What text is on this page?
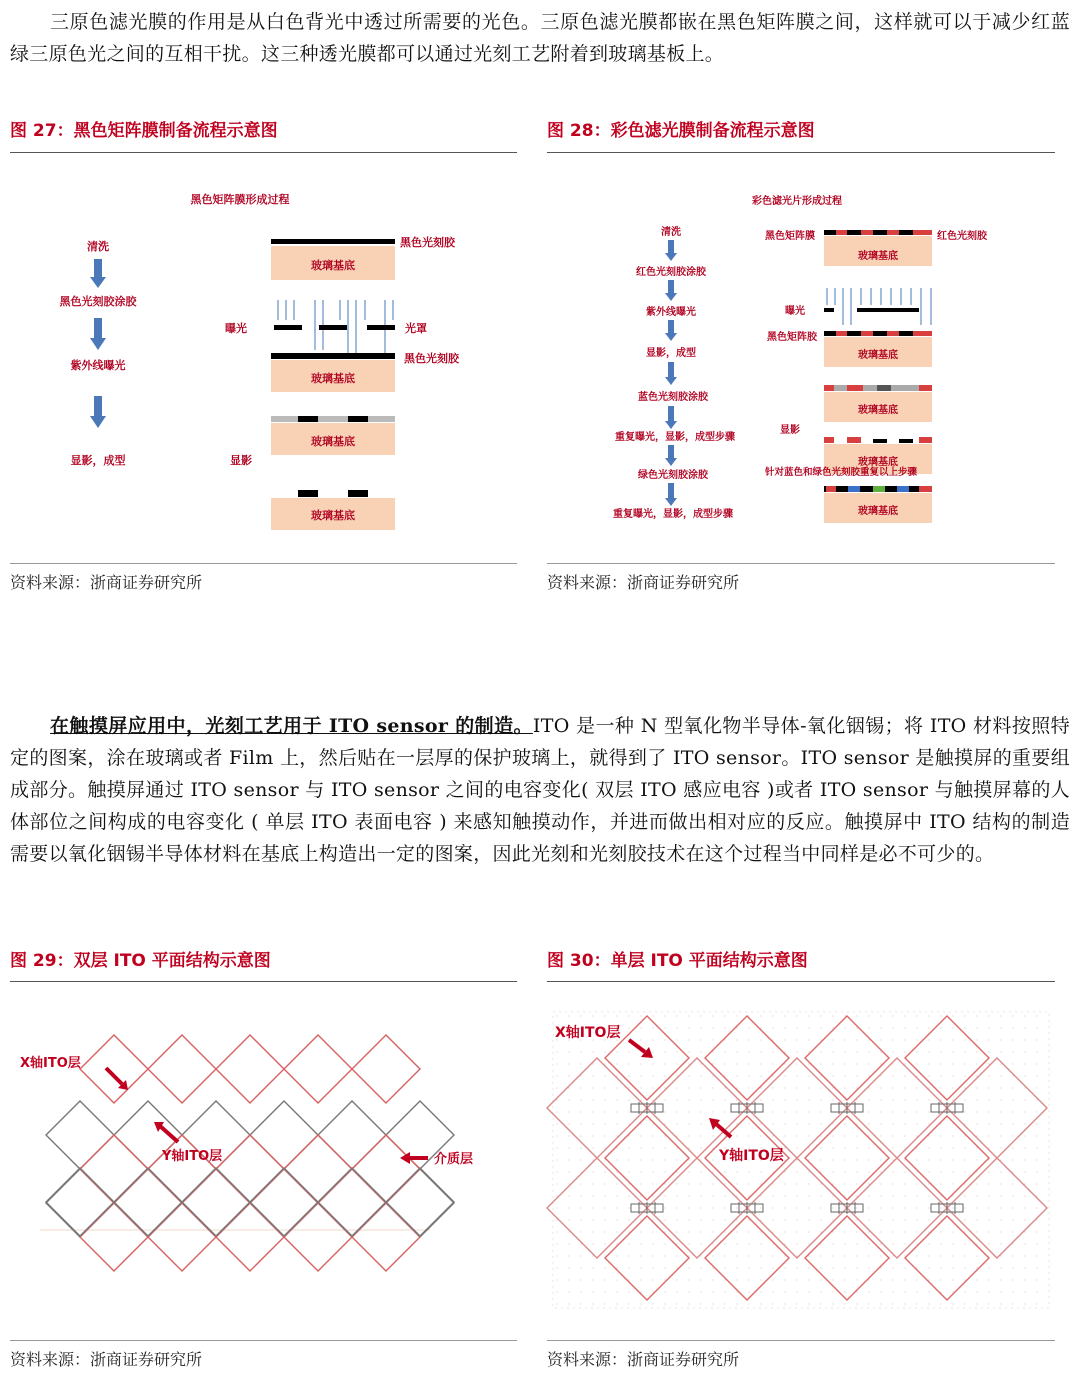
三原色滤光膜的作用是从白色背光中透过所需要的光色。三原色滤光膜都嵌在黑色矩阵膜之间，这样就可以于减少红蓝绿三原色光之间的互相干扰。这三种透光膜都可以通过光刻工艺附着到玻璃基板上。
图 27：黑色矩阵膜制备流程示意图	图 28：彩色滤光膜制备流程示意图
黑色矩阵膜形成过程
清洗
黑色光刻胶涂胶
紫外线曝光
显影，成型
黑色光刻胶
玻璃基底
曝光	光罩
黑色光刻胶
玻璃基底
玻璃基底
显影
玻璃基底
彩色滤光片形成过程
清洗
红色光刻胶涂胶
紫外线曝光
显影，成型
蓝色光刻胶涂胶
重复曝光，显影，成型步骤
绿色光刻胶涂胶
重复曝光，显影，成型步骤
黑色矩阵膜	红色光刻胶
玻璃基底
曝光
黑色矩阵胶
玻璃基底
玻璃基底
显影
玻璃基底
针对蓝色和绿色光刻胶重复以上步骤
玻璃基底
资料来源：浙商证券研究所	资料来源：浙商证券研究所
在触摸屏应用中，光刻工艺用于 ITO sensor 的制造。ITO 是一种 N 型氧化物半导体-氧化铟锡；将 ITO 材料按照特定的图案，涂在玻璃或者 Film 上，然后贴在一层厚的保护玻璃上，就得到了 ITO sensor。ITO sensor 是触摸屏的重要组成部分。触摸屏通过 ITO sensor 与 ITO sensor 之间的电容变化( 双层 ITO 感应电容 )或者 ITO sensor 与触摸屏幕的人体部位之间构成的电容变化 ( 单层 ITO 表面电容 ) 来感知触摸动作，并进而做出相对应的反应。触摸屏中 ITO 结构的制造需要以氧化铟锡半导体材料在基底上构造出一定的图案，因此光刻和光刻胶技术在这个过程当中同样是必不可少的。
图 29：双层 ITO 平面结构示意图	图 30：单层 ITO 平面结构示意图
X轴ITO层
Y轴ITO层	介质层
X轴ITO层
Y轴ITO层
资料来源：浙商证券研究所	资料来源：浙商证券研究所
